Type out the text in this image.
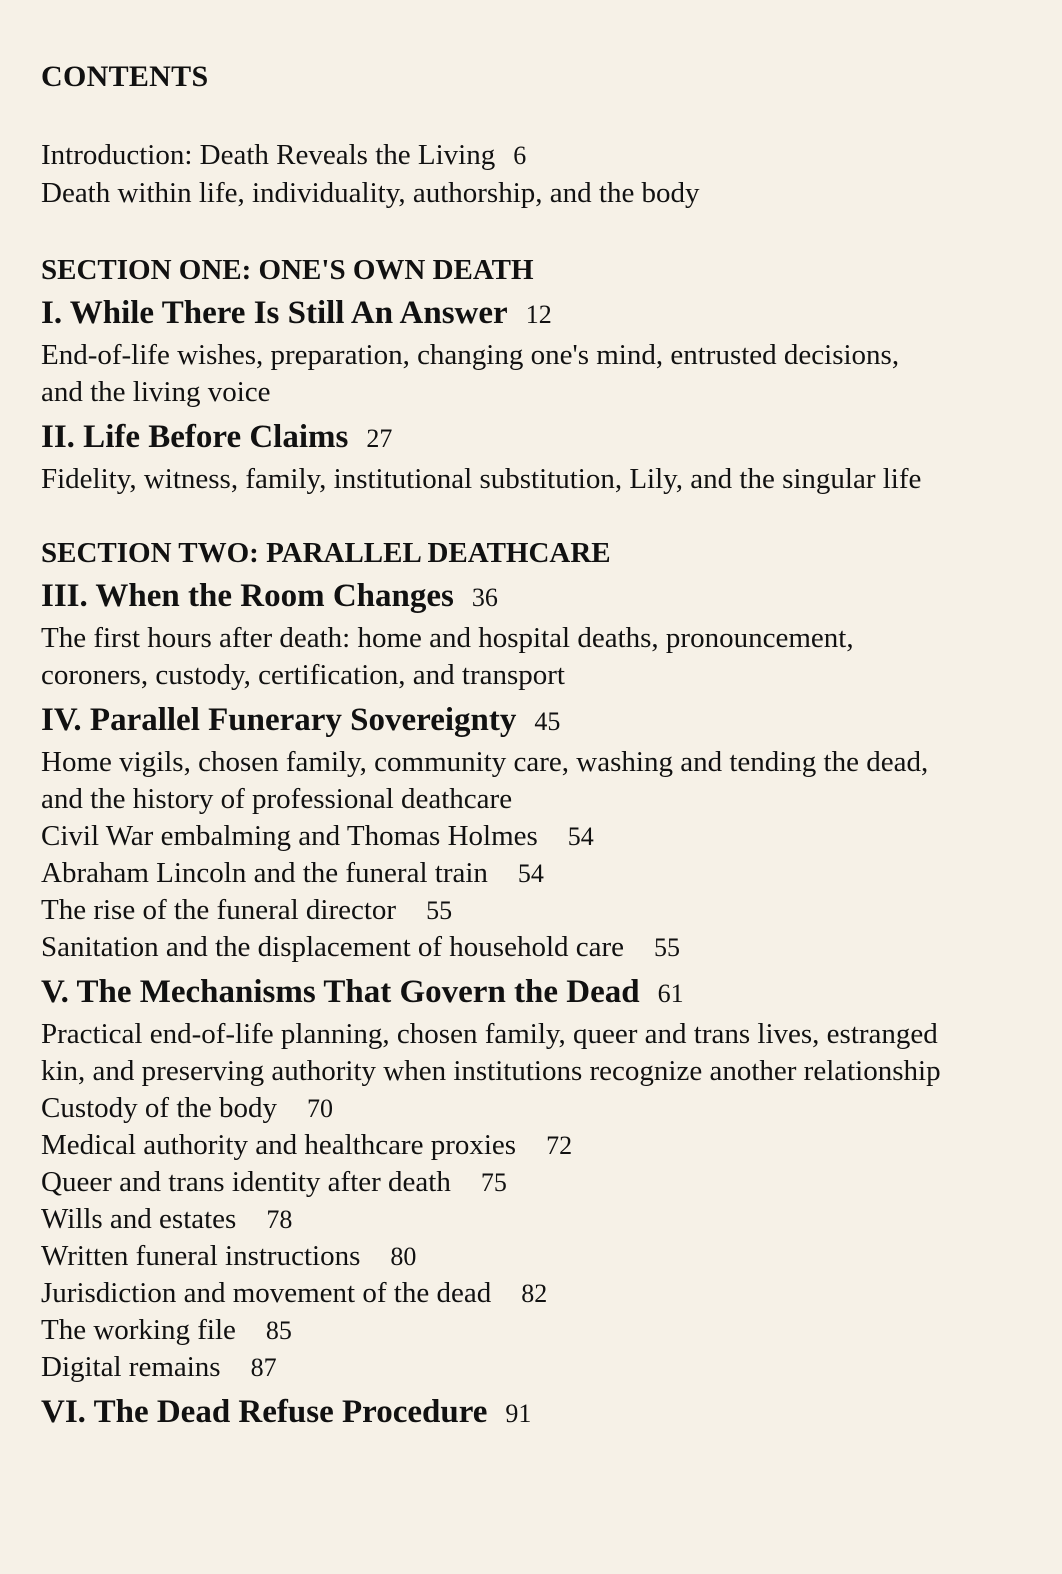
CONTENTS
Introduction: Death Reveals the Living 6
Death within life, individuality, authorship, and the body
SECTION ONE: ONE'S OWN DEATH
I. While There Is Still An Answer 12
End-of-life wishes, preparation, changing one's mind, entrusted decisions, and the living voice
II. Life Before Claims 27
Fidelity, witness, family, institutional substitution, Lily, and the singular life
SECTION TWO: PARALLEL DEATHCARE
III. When the Room Changes 36
The first hours after death: home and hospital deaths, pronouncement, coroners, custody, certification, and transport
IV. Parallel Funerary Sovereignty 45
Home vigils, chosen family, community care, washing and tending the dead, and the history of professional deathcare
Civil War embalming and Thomas Holmes 54
Abraham Lincoln and the funeral train 54
The rise of the funeral director 55
Sanitation and the displacement of household care 55
V. The Mechanisms That Govern the Dead 61
Practical end-of-life planning, chosen family, queer and trans lives, estranged kin, and preserving authority when institutions recognize another relationship
Custody of the body 70
Medical authority and healthcare proxies 72
Queer and trans identity after death 75
Wills and estates 78
Written funeral instructions 80
Jurisdiction and movement of the dead 82
The working file 85
Digital remains 87
VI. The Dead Refuse Procedure 91
